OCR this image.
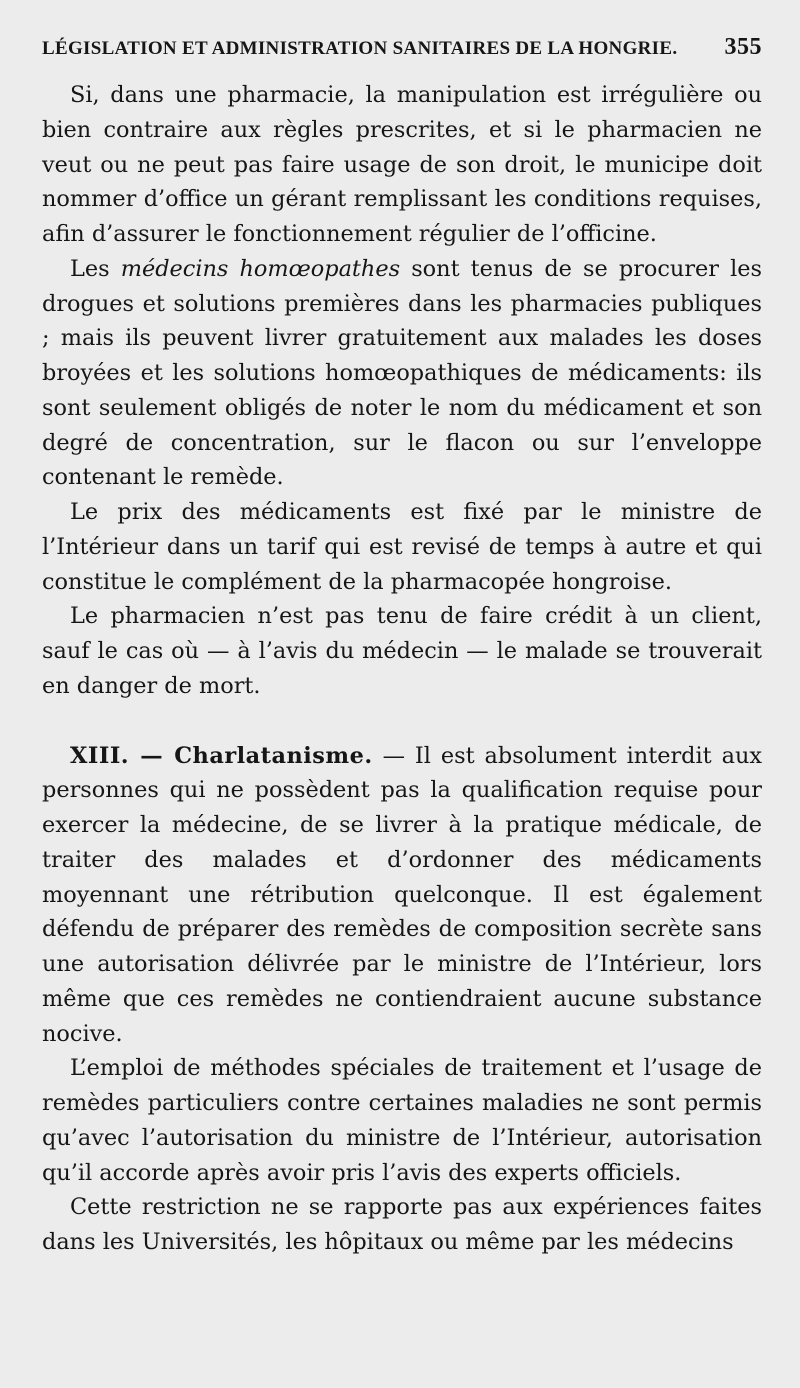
LÉGISLATION ET ADMINISTRATION SANITAIRES DE LA HONGRIE. 355

Si, dans une pharmacie, la manipulation est irrégulière ou bien contraire aux règles prescrites, et si le pharmacien ne veut ou ne peut pas faire usage de son droit, le municipe doit nommer d’office un gérant remplissant les conditions requises, afin d’assurer le fonctionnement régulier de l’officine.

Les médecins homœopathes sont tenus de se procurer les drogues et solutions premières dans les pharmacies publiques ; mais ils peuvent livrer gratuitement aux malades les doses broyées et les solutions homœopathiques de médicaments: ils sont seulement obligés de noter le nom du médicament et son degré de concentration, sur le flacon ou sur l’enveloppe contenant le remède.

Le prix des médicaments est fixé par le ministre de l’Intérieur dans un tarif qui est revisé de temps à autre et qui constitue le complément de la pharmacopée hongroise.

Le pharmacien n’est pas tenu de faire crédit à un client, sauf le cas où — à l’avis du médecin — le malade se trouverait en danger de mort.

XIII. — Charlatanisme. — Il est absolument interdit aux personnes qui ne possèdent pas la qualification requise pour exercer la médecine, de se livrer à la pratique médicale, de traiter des malades et d’ordonner des médicaments moyennant une rétribution quelconque. Il est également défendu de préparer des remèdes de composition secrète sans une autorisation délivrée par le ministre de l’Intérieur, lors même que ces remèdes ne contiendraient aucune substance nocive.

L’emploi de méthodes spéciales de traitement et l’usage de remèdes particuliers contre certaines maladies ne sont permis qu’avec l’autorisation du ministre de l’Intérieur, autorisation qu’il accorde après avoir pris l’avis des experts officiels.

Cette restriction ne se rapporte pas aux expériences faites dans les Universités, les hôpitaux ou même par les médecins
